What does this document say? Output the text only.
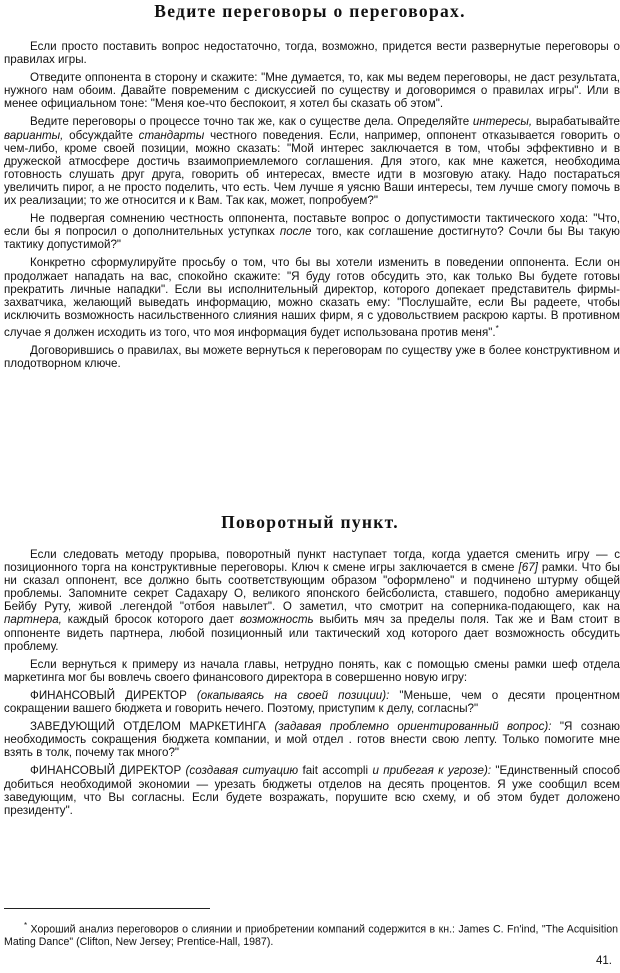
Ведите переговоры о переговорах.

Если просто поставить вопрос недостаточно, тогда, возможно, придется вести развернутые переговоры о правилах игры.

Отведите оппонента в сторону и скажите: "Мне думается, то, как мы ведем переговоры, не даст результата, нужного нам обоим. Давайте повременим с дискуссией по существу и договоримся о правилах игры". Или в менее официальном тоне: "Меня кое-что беспокоит, я хотел бы сказать об этом".

Ведите переговоры о процессе точно так же, как о существе дела. Определяйте интересы, вырабатывайте варианты, обсуждайте стандарты честного поведения. Если, например, оппонент отказывается говорить о чем-либо, кроме своей позиции, можно сказать: "Мой интерес заключается в том, чтобы эффективно и в дружеской атмосфере достичь взаимоприемлемого соглашения. Для этого, как мне кажется, необходима готовность слушать друг друга, говорить об интересах, вместе идти в мозговую атаку. Надо постараться увеличить пирог, а не просто поделить, что есть. Чем лучше я уясню Ваши интересы, тем лучше смогу помочь в их реализации; то же относится и к Вам. Так как, может, попробуем?"

Не подвергая сомнению честность оппонента, поставьте вопрос о допустимости тактического хода: "Что, если бы я попросил о дополнительных уступках после того, как соглашение достигнуто? Сочли бы Вы такую тактику допустимой?"

Конкретно сформулируйте просьбу о том, что бы вы хотели изменить в поведении оппонента. Если он продолжает нападать на вас, спокойно скажите: "Я буду готов обсудить это, как только Вы будете готовы прекратить личные нападки". Если вы исполнительный директор, которого допекает представитель фирмы-захватчика, желающий выведать информацию, можно сказать ему: "Послушайте, если Вы радеете, чтобы исключить возможность насильственного слияния наших фирм, я с удовольствием раскрою карты. В противном случае я должен исходить из того, что моя информация будет использована против меня".*

Договорившись о правилах, вы можете вернуться к переговорам по существу уже в более конструктивном и плодотворном ключе.

Поворотный пункт.

Если следовать методу прорыва, поворотный пункт наступает тогда, когда удается сменить игру — с позиционного торга на конструктивные переговоры. Ключ к смене игры заключается в смене [67] рамки. Что бы ни сказал оппонент, все должно быть соответствующим образом "оформлено" и подчинено штурму общей проблемы. Запомните секрет Садахару О, великого японского бейсболиста, ставшего, подобно американцу Бейбу Руту, живой .легендой "отбоя навылет". О заметил, что смотрит на соперника-подающего, как на партнера, каждый бросок которого дает возможность выбить мяч за пределы поля. Так же и Вам стоит в оппоненте видеть партнера, любой позиционный или тактический ход которого дает возможность обсудить проблему.

Если вернуться к примеру из начала главы, нетрудно понять, как с помощью смены рамки шеф отдела маркетинга мог бы вовлечь своего финансового директора в совершенно новую игру:

ФИНАНСОВЫЙ ДИРЕКТОР (окапываясь на своей позиции): "Меньше, чем о десяти процентном сокращении вашего бюджета и говорить нечего. Поэтому, приступим к делу, согласны?"

ЗАВЕДУЮЩИЙ ОТДЕЛОМ МАРКЕТИНГА (задавая проблемно ориентированный вопрос): "Я сознаю необходимость сокращения бюджета компании, и мой отдел . готов внести свою лепту. Только помогите мне взять в толк, почему так много?"

ФИНАНСОВЫЙ ДИРЕКТОР (создавая ситуацию fait accompli и прибегая к угрозе): "Единственный способ добиться необходимой экономии — урезать бюджеты отделов на десять процентов. Я уже сообщил всем заведующим, что Вы согласны. Если будете возражать, порушите всю схему, и об этом будет доложено президенту".

* Хороший анализ переговоров о слиянии и приобретении компаний содержится в кн.: James C. Fn'ind, "The Acquisition Mating Dance" (Clifton, New Jersey; Prentice-Hall, 1987).

41.
